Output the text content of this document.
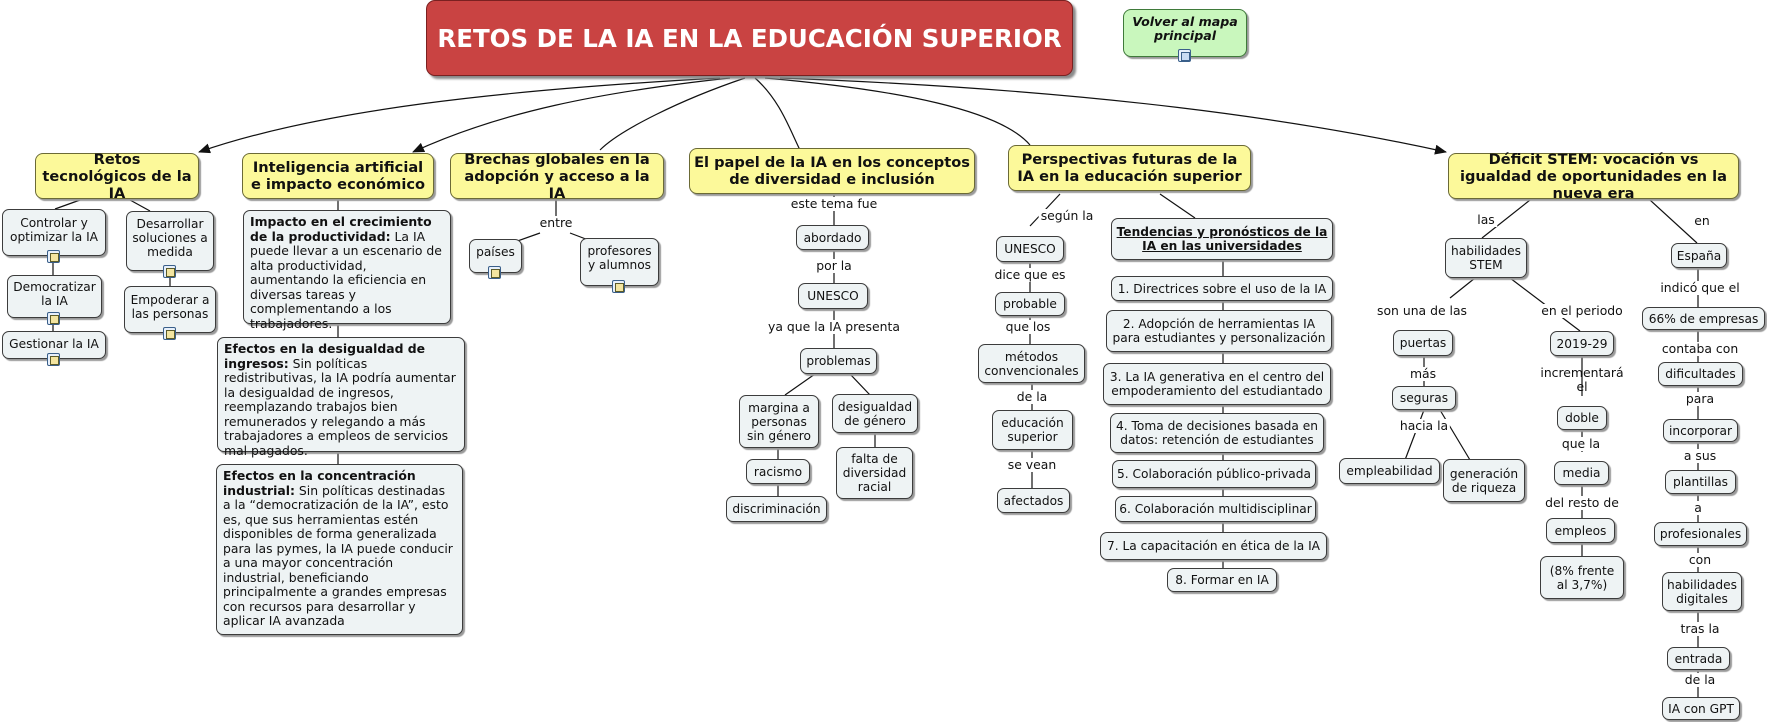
RETOS DE LA IA EN LA EDUCACIÓN SUPERIOR
Volver al mapa principal
Retos tecnológicos de la IA
Inteligencia artificial e impacto económico
Brechas globales en la adopción y acceso a la IA
El papel de la IA en los conceptos de diversidad e inclusión
Perspectivas futuras de la IA en la educación superior
Déficit STEM: vocación vs igualdad de oportunidades en la nueva era
Controlar y optimizar la IA
Democratizar la IA
Gestionar la IA
Desarrollar soluciones a medida
Empoderar a las personas
Impacto en el crecimiento de la productividad: La IA puede llevar a un escenario de alta productividad, aumentando la eficiencia en diversas tareas y complementando a los trabajadores.
Efectos en la desigualdad de ingresos: Sin políticas redistributivas, la IA podría aumentar la desigualdad de ingresos, reemplazando trabajos bien remunerados y relegando a más trabajadores a empleos de servicios mal pagados.
Efectos en la concentración industrial: Sin políticas destinadas a la “democratización de la IA”, esto es, que sus herramientas estén disponibles de forma generalizada para las pymes, la IA puede conducir a una mayor concentración industrial, beneficiando principalmente a grandes empresas con recursos para desarrollar y aplicar IA avanzada
entre
países	profesores y alumnos
este tema fue
abordado
por la
UNESCO
ya que la IA presenta
problemas
margina a personas sin género
desigualdad de género
racismo
falta de diversidad racial
discriminación
según la
UNESCO
dice que es
probable
que los
métodos convencionales
de la
educación superior
se vean
afectados
Tendencias y pronósticos de la IA en las universidades
1. Directrices sobre el uso de la IA
2. Adopción de herramientas IA para estudiantes y personalización
3. La IA generativa en el centro del empoderamiento del estudiantado
4. Toma de decisiones basada en datos: retención de estudiantes
5. Colaboración público-privada
6. Colaboración multidisciplinar
7. La capacitación en ética de la IA
8. Formar en IA
las
habilidades STEM
son una de las
puertas
más
seguras
hacia la
empleabilidad	generación de riqueza
en el periodo
2019-29
incrementará el
doble
que la
media
del resto de
empleos
(8% frente al 3,7%)
en
España
indicó que el
66% de empresas
contaba con
dificultades
para
incorporar
a sus
plantillas
a
profesionales
con
habilidades digitales
tras la
entrada
de la
IA con GPT
